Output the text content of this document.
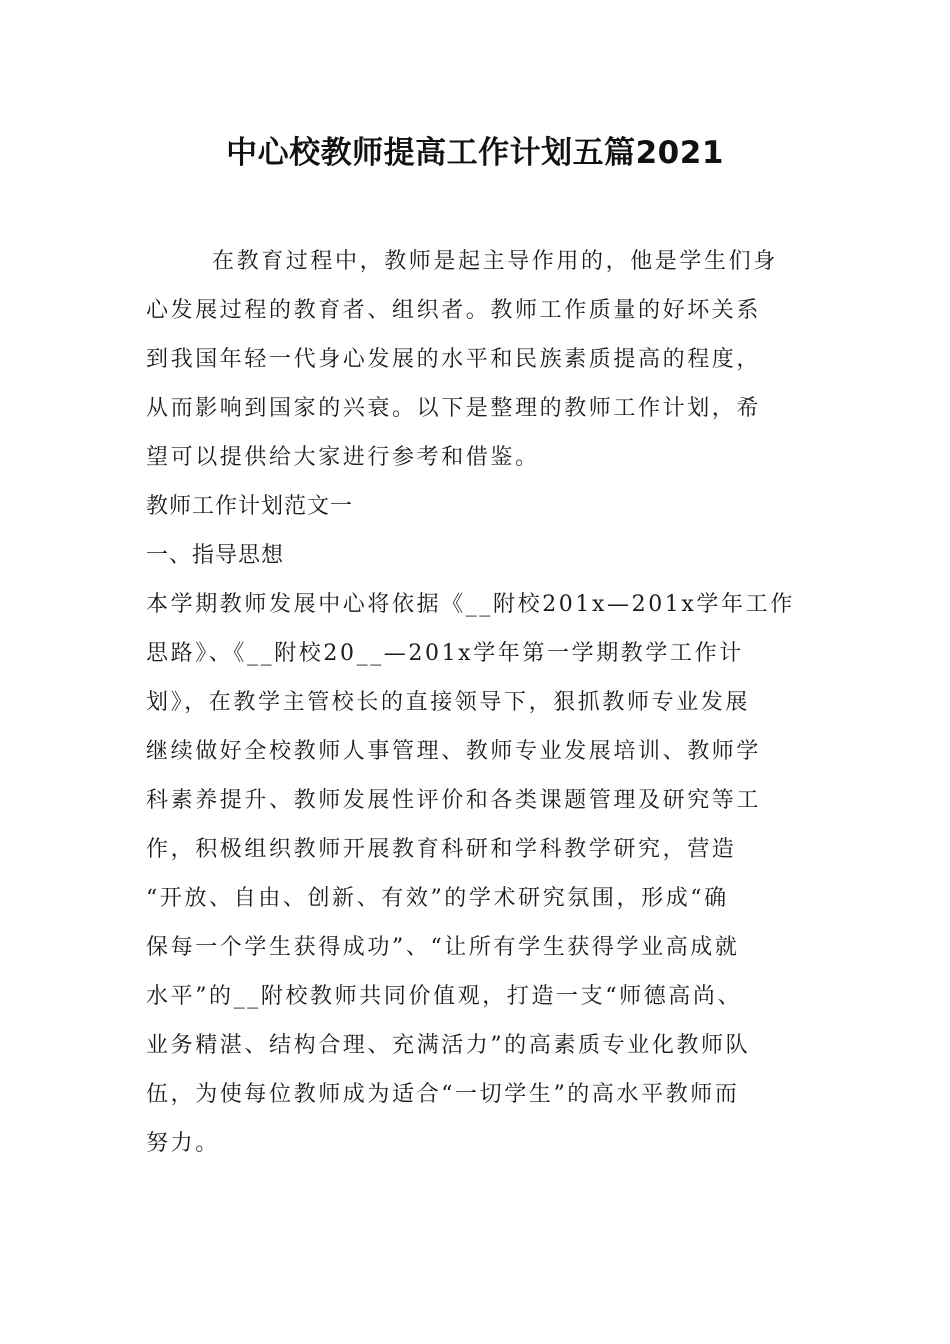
中心校教师提高工作计划五篇2021
在教育过程中，教师是起主导作用的，他是学生们身
心发展过程的教育者、组织者。教师工作质量的好坏关系
到我国年轻一代身心发展的水平和民族素质提高的程度，
从而影响到国家的兴衰。以下是整理的教师工作计划，希
望可以提供给大家进行参考和借鉴。
教师工作计划范文一
一、指导思想
本学期教师发展中心将依据《__附校201x—201x学年工作
思路》、《__附校20__—201x学年第一学期教学工作计
划》，在教学主管校长的直接领导下，狠抓教师专业发展
继续做好全校教师人事管理、教师专业发展培训、教师学
科素养提升、教师发展性评价和各类课题管理及研究等工
作，积极组织教师开展教育科研和学科教学研究，营造
“开放、自由、创新、有效”的学术研究氛围，形成“确
保每一个学生获得成功”、“让所有学生获得学业高成就
水平”的__附校教师共同价值观，打造一支“师德高尚、
业务精湛、结构合理、充满活力”的高素质专业化教师队
伍，为使每位教师成为适合“一切学生”的高水平教师而
努力。
